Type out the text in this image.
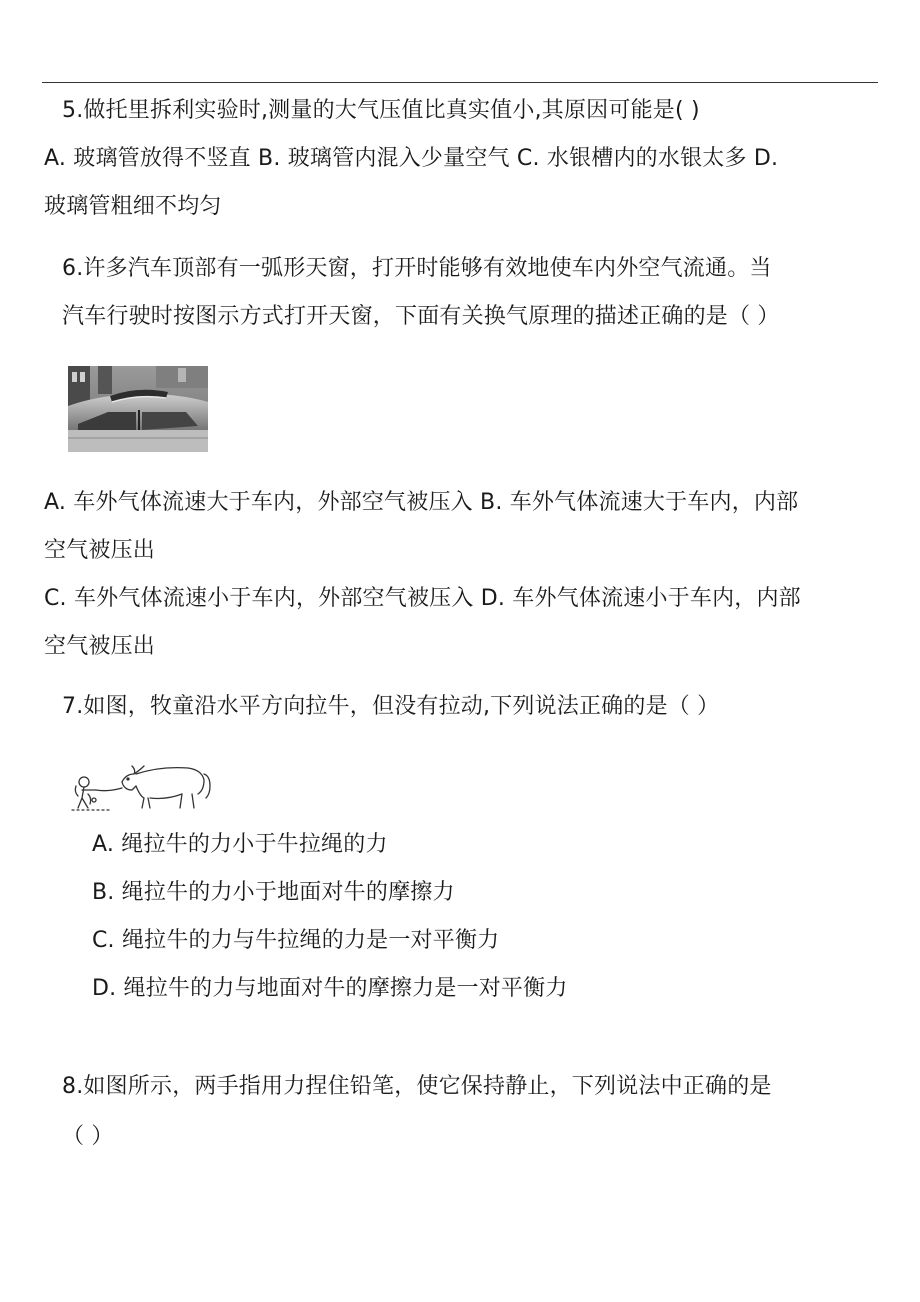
5.做托里拆利实验时,测量的大气压值比真实值小,其原因可能是( )
A. 玻璃管放得不竖直 B. 玻璃管内混入少量空气 C. 水银槽内的水银太多 D.
玻璃管粗细不均匀
6.许多汽车顶部有一弧形天窗，打开时能够有效地使车内外空气流通。当
汽车行驶时按图示方式打开天窗，下面有关换气原理的描述正确的是（ ）
A. 车外气体流速大于车内，外部空气被压入 B. 车外气体流速大于车内，内部
空气被压出
C. 车外气体流速小于车内，外部空气被压入 D. 车外气体流速小于车内，内部
空气被压出
7.如图，牧童沿水平方向拉牛，但没有拉动,下列说法正确的是（ ）
A. 绳拉牛的力小于牛拉绳的力
B. 绳拉牛的力小于地面对牛的摩擦力
C. 绳拉牛的力与牛拉绳的力是一对平衡力
D. 绳拉牛的力与地面对牛的摩擦力是一对平衡力
8.如图所示，两手指用力捏住铅笔，使它保持静止，下列说法中正确的是
（ ）
